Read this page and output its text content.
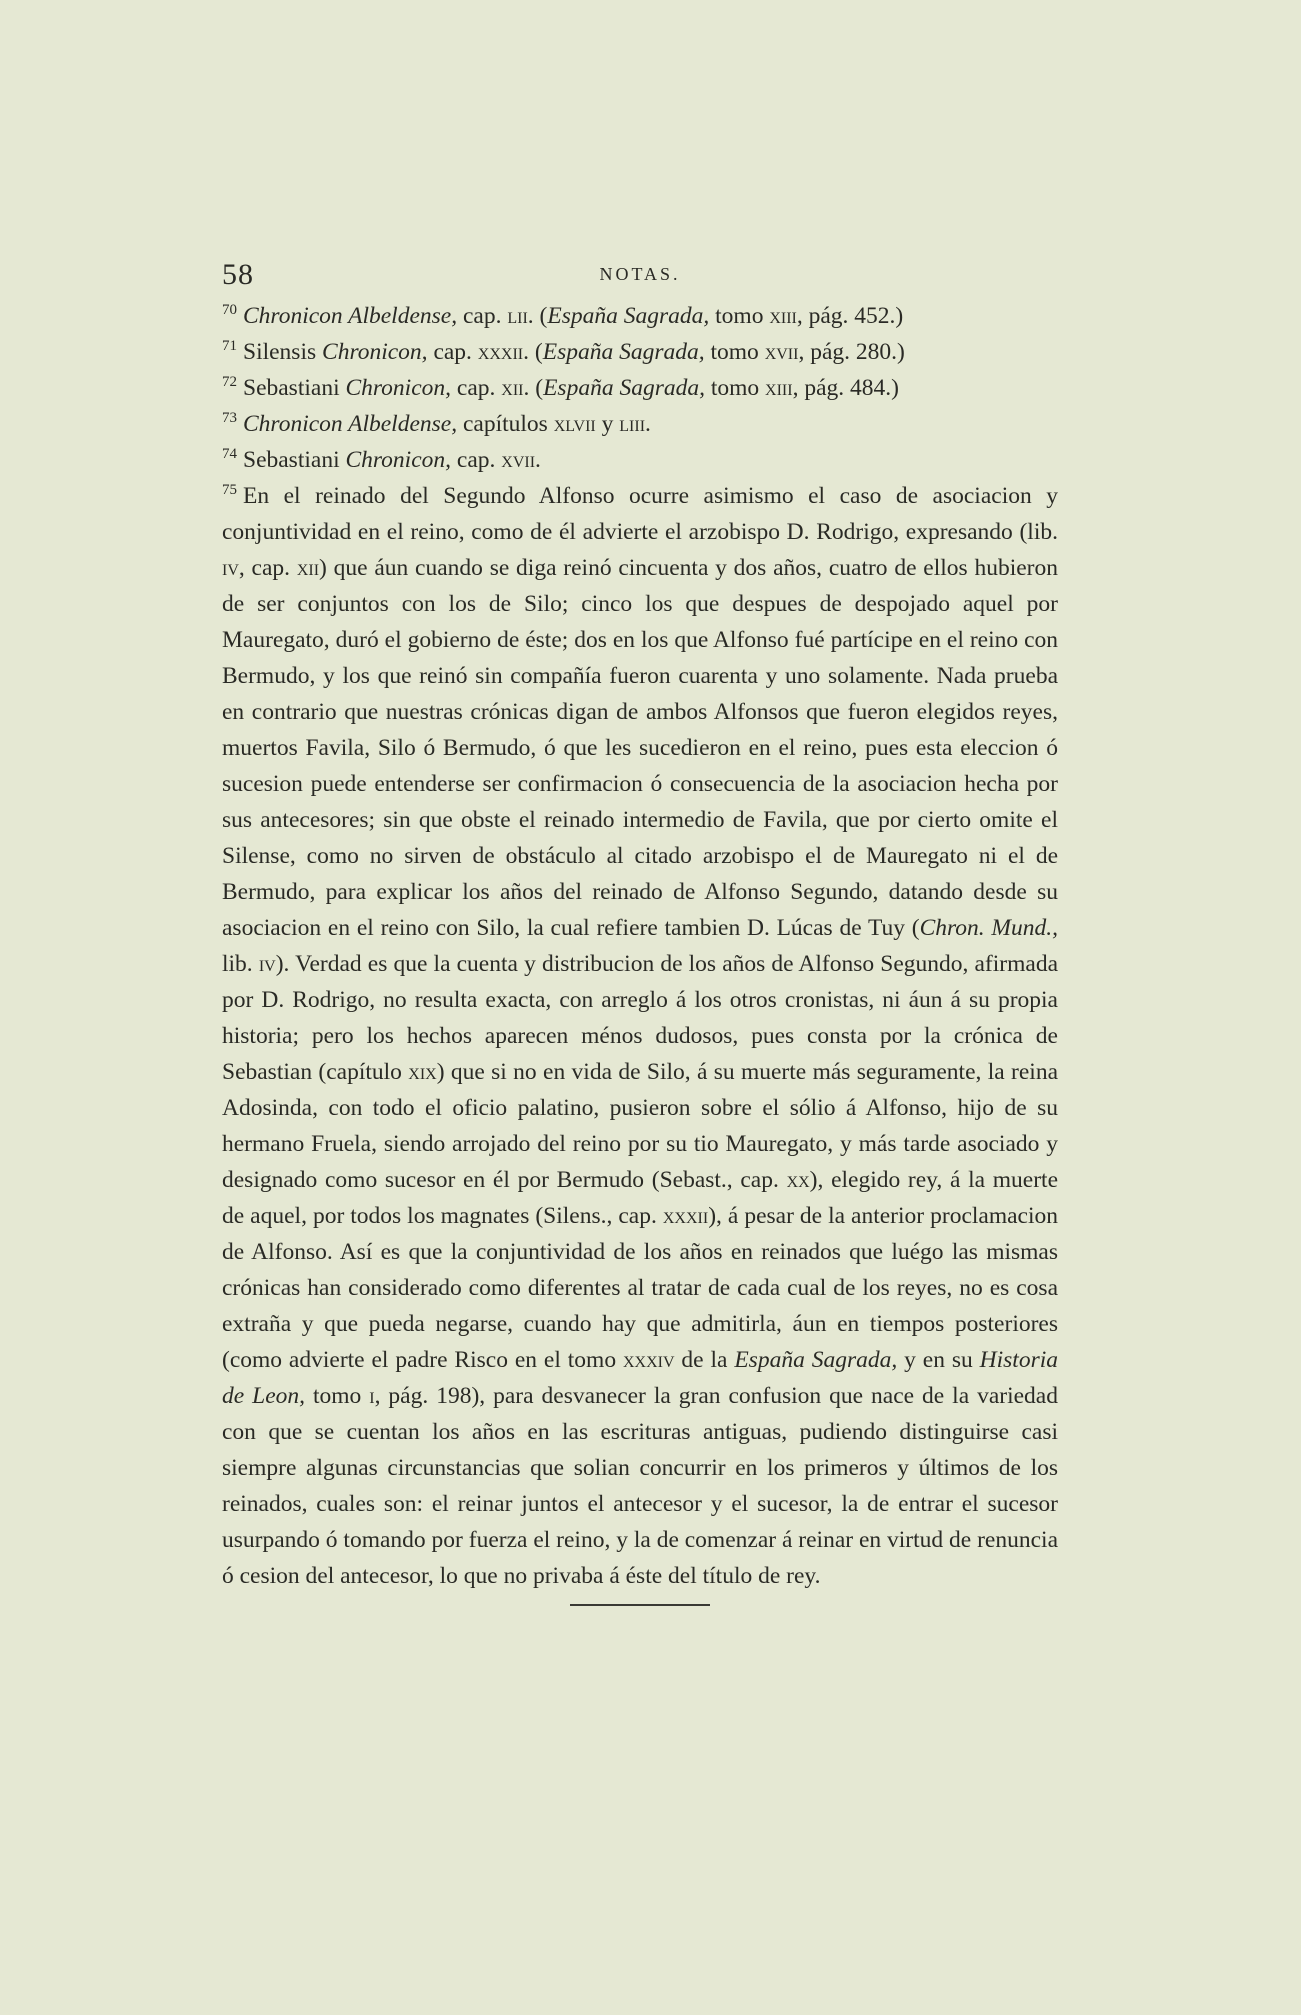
58	NOTAS.

$^{70}$ Chronicon Albeldense, cap. lii. (España Sagrada, tomo xiii, pág. 452.)

$^{71}$ Silensis Chronicon, cap. xxxii. (España Sagrada, tomo xvii, pág. 280.)

$^{72}$ Sebastiani Chronicon, cap. xii. (España Sagrada, tomo xiii, pág. 484.)

$^{73}$ Chronicon Albeldense, capítulos xlvii y liii.

$^{74}$ Sebastiani Chronicon, cap. xvii.

$^{75}$ En el reinado del Segundo Alfonso ocurre asimismo el caso de asociacion y conjuntividad en el reino, como de él advierte el arzobispo D. Rodrigo, expresando (lib. iv, cap. xii) que áun cuando se diga reinó cincuenta y dos años, cuatro de ellos hubieron de ser conjuntos con los de Silo; cinco los que despues de despojado aquel por Mauregato, duró el gobierno de éste; dos en los que Alfonso fué partícipe en el reino con Bermudo, y los que reinó sin compañía fueron cuarenta y uno solamente. Nada prueba en contrario que nuestras crónicas digan de ambos Alfonsos que fueron elegidos reyes, muertos Favila, Silo ó Bermudo, ó que les sucedieron en el reino, pues esta eleccion ó sucesion puede entenderse ser confirmacion ó consecuencia de la asociacion hecha por sus antecesores; sin que obste el reinado intermedio de Favila, que por cierto omite el Silense, como no sirven de obstáculo al citado arzobispo el de Mauregato ni el de Bermudo, para explicar los años del reinado de Alfonso Segundo, datando desde su asociacion en el reino con Silo, la cual refiere tambien D. Lúcas de Tuy (Chron. Mund., lib. iv). Verdad es que la cuenta y distribucion de los años de Alfonso Segundo, afirmada por D. Rodrigo, no resulta exacta, con arreglo á los otros cronistas, ni áun á su propia historia; pero los hechos aparecen ménos dudosos, pues consta por la crónica de Sebastian (capítulo xix) que si no en vida de Silo, á su muerte más seguramente, la reina Adosinda, con todo el oficio palatino, pusieron sobre el sólio á Alfonso, hijo de su hermano Fruela, siendo arrojado del reino por su tio Mauregato, y más tarde asociado y designado como sucesor en él por Bermudo (Sebast., cap. xx), elegido rey, á la muerte de aquel, por todos los magnates (Silens., cap. xxxii), á pesar de la anterior proclamacion de Alfonso. Así es que la conjuntividad de los años en reinados que luégo las mismas crónicas han considerado como diferentes al tratar de cada cual de los reyes, no es cosa extraña y que pueda negarse, cuando hay que admitirla, áun en tiempos posteriores (como advierte el padre Risco en el tomo xxxiv de la España Sagrada, y en su Historia de Leon, tomo i, pág. 198), para desvanecer la gran confusion que nace de la variedad con que se cuentan los años en las escrituras antiguas, pudiendo distinguirse casi siempre algunas circunstancias que solian concurrir en los primeros y últimos de los reinados, cuales son: el reinar juntos el antecesor y el sucesor, la de entrar el sucesor usurpando ó tomando por fuerza el reino, y la de comenzar á reinar en virtud de renuncia ó cesion del antecesor, lo que no privaba á éste del título de rey.
